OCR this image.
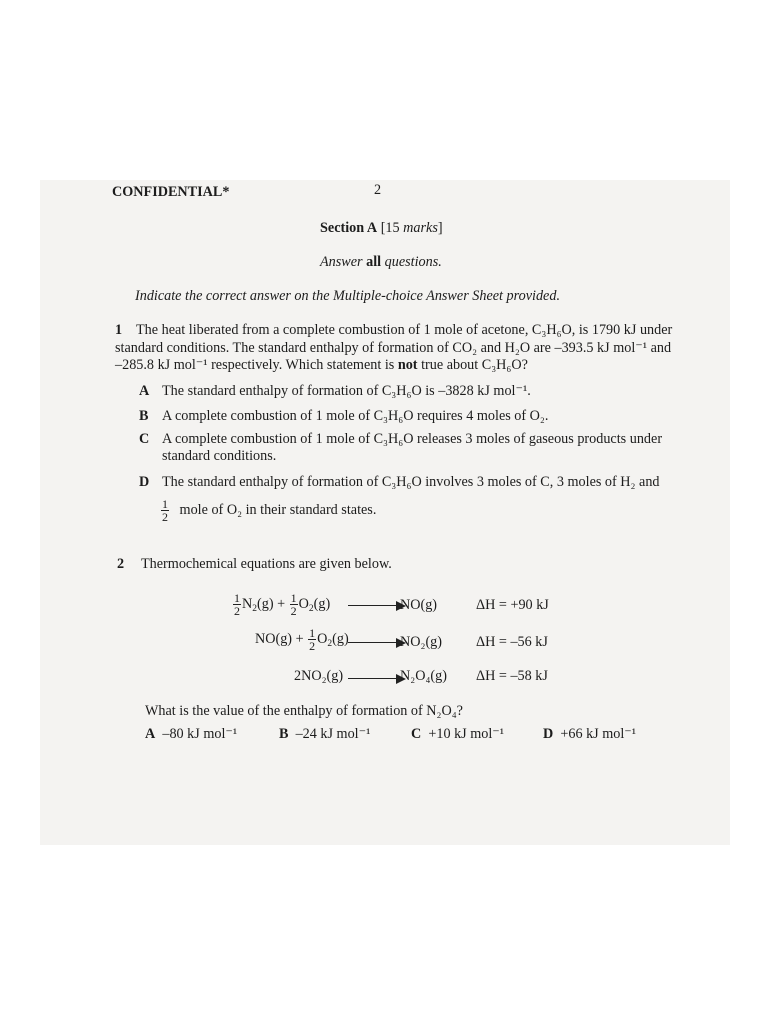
CONFIDENTIAL*	2
Section A [15 marks]
Answer all questions.
Indicate the correct answer on the Multiple-choice Answer Sheet provided.
1 The heat liberated from a complete combustion of 1 mole of acetone, C₃H₆O, is 1790 kJ under
standard conditions. The standard enthalpy of formation of CO₂ and H₂O are –393.5 kJ mol⁻¹ and
–285.8 kJ mol⁻¹ respectively. Which statement is not true about C₃H₆O?
A The standard enthalpy of formation of C₃H₆O is –3828 kJ mol⁻¹.
B A complete combustion of 1 mole of C₃H₆O requires 4 moles of O₂.
C A complete combustion of 1 mole of C₃H₆O releases 3 moles of gaseous products under
standard conditions.
D The standard enthalpy of formation of C₃H₆O involves 3 moles of C, 3 moles of H₂ and
$\frac{1}{2}$ mole of O₂ in their standard states.
2 Thermochemical equations are given below.
$\frac{1}{2} N_2(g) + \frac{1}{2} O_2(g)$	NO(g)	ΔH = +90 kJ
$NO(g) + \frac{1}{2} O_2(g)$	NO₂(g) ΔH = –56 kJ
2NO₂(g)	N₂O₄(g) ΔH = –58 kJ
What is the value of the enthalpy of formation of N₂O₄?
A –80 kJ mol⁻¹	B –24 kJ mol⁻¹	C +10 kJ mol⁻¹	D +66 kJ mol⁻¹
